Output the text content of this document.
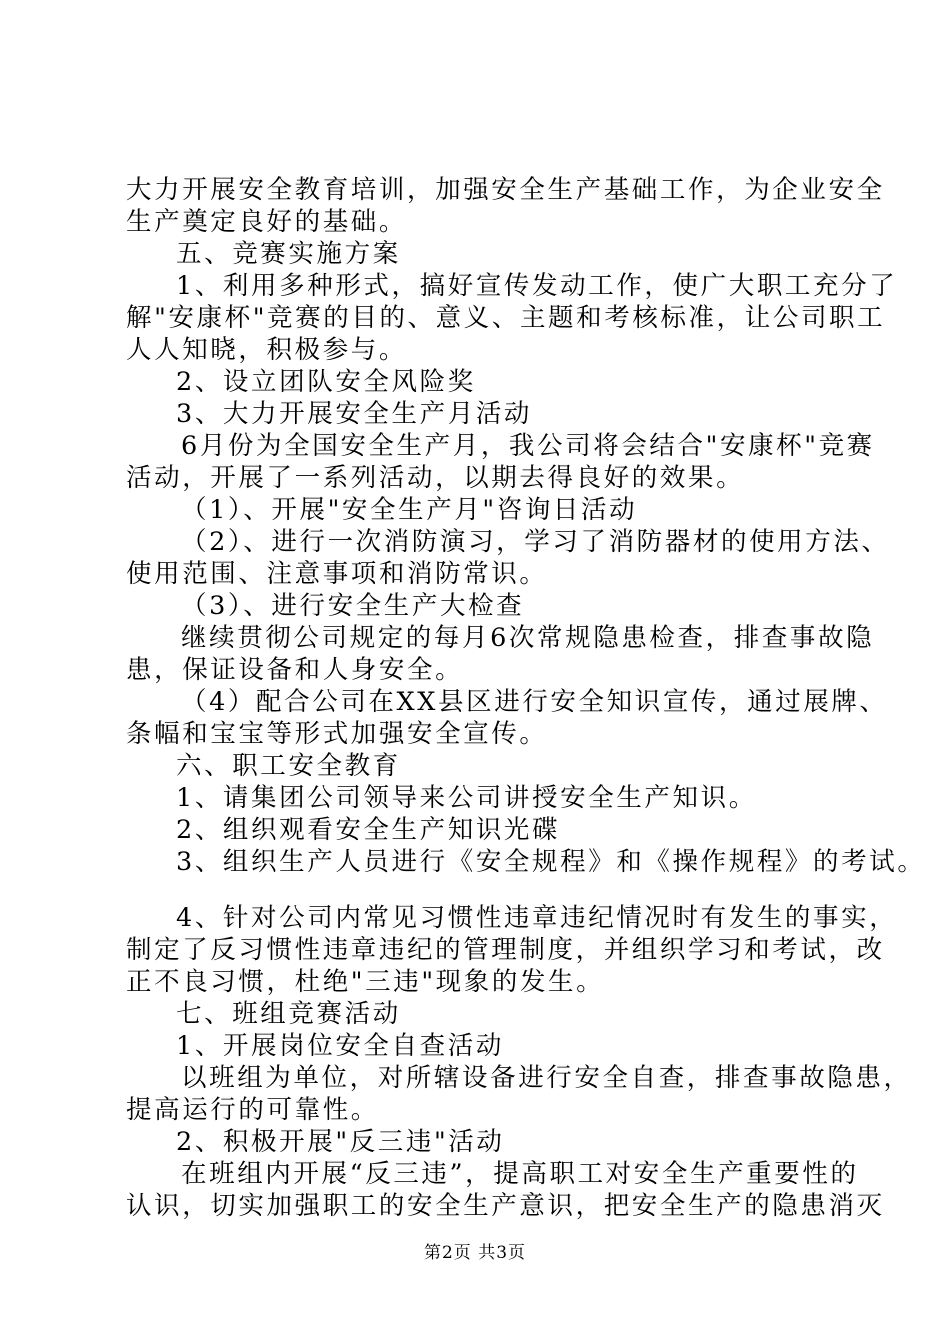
大力开展安全教育培训，加强安全生产基础工作，为企业安全
生产奠定良好的基础。
五、竞赛实施方案
1、利用多种形式，搞好宣传发动工作，使广大职工充分了
解"安康杯"竞赛的目的、意义、主题和考核标准，让公司职工
人人知晓，积极参与。
2、设立团队安全风险奖
3、大力开展安全生产月活动
6月份为全国安全生产月，我公司将会结合"安康杯"竞赛
活动，开展了一系列活动，以期去得良好的效果。
（1）、开展"安全生产月"咨询日活动
（2）、进行一次消防演习，学习了消防器材的使用方法、
使用范围、注意事项和消防常识。
（3）、进行安全生产大检查
继续贯彻公司规定的每月6次常规隐患检查，排查事故隐
患，保证设备和人身安全。
（4）配合公司在XX县区进行安全知识宣传，通过展牌、
条幅和宝宝等形式加强安全宣传。
六、职工安全教育
1、请集团公司领导来公司讲授安全生产知识。
2、组织观看安全生产知识光碟
3、组织生产人员进行《安全规程》和《操作规程》的考试。
4、针对公司内常见习惯性违章违纪情况时有发生的事实，
制定了反习惯性违章违纪的管理制度，并组织学习和考试，改
正不良习惯，杜绝"三违"现象的发生。
七、班组竞赛活动
1、开展岗位安全自查活动
以班组为单位，对所辖设备进行安全自查，排查事故隐患，
提高运行的可靠性。
2、积极开展"反三违"活动
在班组内开展“反三违”，提高职工对安全生产重要性的
认识，切实加强职工的安全生产意识，把安全生产的隐患消灭
第2页 共3页
